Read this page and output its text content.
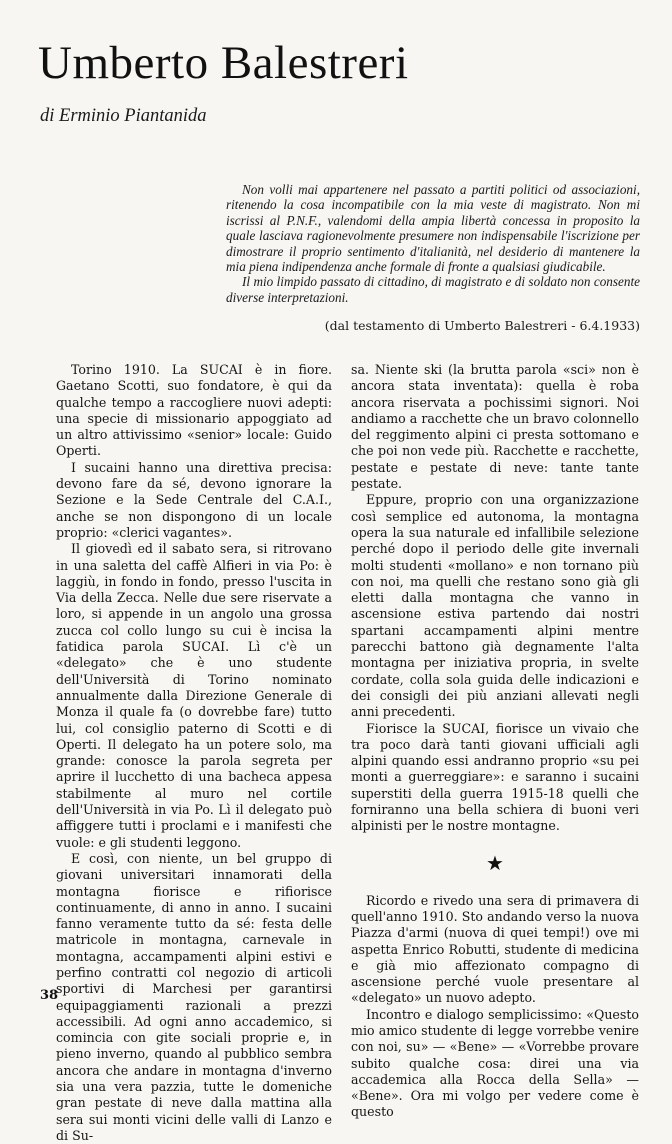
Umberto Balestreri
di Erminio Piantanida

Non volli mai appartenere nel passato a partiti politici od associazioni, ritenendo la cosa incompatibile con la mia veste di magistrato. Non mi iscrissi al P.N.F., valendomi della ampia libertà concessa in proposito la quale lasciava ragionevolmente presumere non indispensabile l'iscrizione per dimostrare il proprio sentimento d'italianità, nel desiderio di mantenere la mia piena indipendenza anche formale di fronte a qualsiasi giudicabile.

Il mio limpido passato di cittadino, di magistrato e di soldato non consente diverse interpretazioni.

(dal testamento di Umberto Balestreri - 6.4.1933)

Torino 1910. La SUCAI è in fiore. Gaetano Scotti, suo fondatore, è qui da qualche tempo a raccogliere nuovi adepti: una specie di missionario appoggiato ad un altro attivissimo «senior» locale: Guido Operti.

I sucaini hanno una direttiva precisa: devono fare da sé, devono ignorare la Sezione e la Sede Centrale del C.A.I., anche se non dispongono di un locale proprio: «clerici vagantes».

Il giovedì ed il sabato sera, si ritrovano in una saletta del caffè Alfieri in via Po: è laggiù, in fondo in fondo, presso l'uscita in Via della Zecca. Nelle due sere riservate a loro, si appende in un angolo una grossa zucca col collo lungo su cui è incisa la fatidica parola SUCAI. Lì c'è un «delegato» che è uno studente dell'Università di Torino nominato annualmente dalla Direzione Generale di Monza il quale fa (o dovrebbe fare) tutto lui, col consiglio paterno di Scotti e di Operti. Il delegato ha un potere solo, ma grande: conosce la parola segreta per aprire il lucchetto di una bacheca appesa stabilmente al muro nel cortile dell'Università in via Po. Lì il delegato può affiggere tutti i proclami e i manifesti che vuole: e gli studenti leggono.

E così, con niente, un bel gruppo di giovani universitari innamorati della montagna fiorisce e rifiorisce continuamente, di anno in anno. I sucaini fanno veramente tutto da sé: festa delle matricole in montagna, carnevale in montagna, accampamenti alpini estivi e perfino contratti col negozio di articoli sportivi di Marchesi per garantirsi equipaggiamenti razionali a prezzi accessibili. Ad ogni anno accademico, si comincia con gite sociali proprie e, in pieno inverno, quando al pubblico sembra ancora che andare in montagna d'inverno sia una vera pazzia, tutte le domeniche gran pestate di neve dalla mattina alla sera sui monti vicini delle valli di Lanzo e di Su-

sa. Niente ski (la brutta parola «sci» non è ancora stata inventata): quella è roba ancora riservata a pochissimi signori. Noi andiamo a racchette che un bravo colonnello del reggimento alpini ci presta sottomano e che poi non vede più. Racchette e racchette, pestate e pestate di neve: tante tante pestate.

Eppure, proprio con una organizzazione così semplice ed autonoma, la montagna opera la sua naturale ed infallibile selezione perché dopo il periodo delle gite invernali molti studenti «mollano» e non tornano più con noi, ma quelli che restano sono già gli eletti dalla montagna che vanno in ascensione estiva partendo dai nostri spartani accampamenti alpini mentre parecchi battono già degnamente l'alta montagna per iniziativa propria, in svelte cordate, colla sola guida delle indicazioni e dei consigli dei più anziani allevati negli anni precedenti.

Fiorisce la SUCAI, fiorisce un vivaio che tra poco darà tanti giovani ufficiali agli alpini quando essi andranno proprio «su pei monti a guerreggiare»: e saranno i sucaini superstiti della guerra 1915-18 quelli che forniranno una bella schiera di buoni veri alpinisti per le nostre montagne.

★

Ricordo e rivedo una sera di primavera di quell'anno 1910. Sto andando verso la nuova Piazza d'armi (nuova di quei tempi!) ove mi aspetta Enrico Robutti, studente di medicina e già mio affezionato compagno di ascensione perché vuole presentare al «delegato» un nuovo adepto.

Incontro e dialogo semplicissimo: «Questo mio amico studente di legge vorrebbe venire con noi, su» — «Bene» — «Vorrebbe provare subito qualche cosa: direi una via accademica alla Rocca della Sella» — «Bene». Ora mi volgo per vedere come è questo

38
